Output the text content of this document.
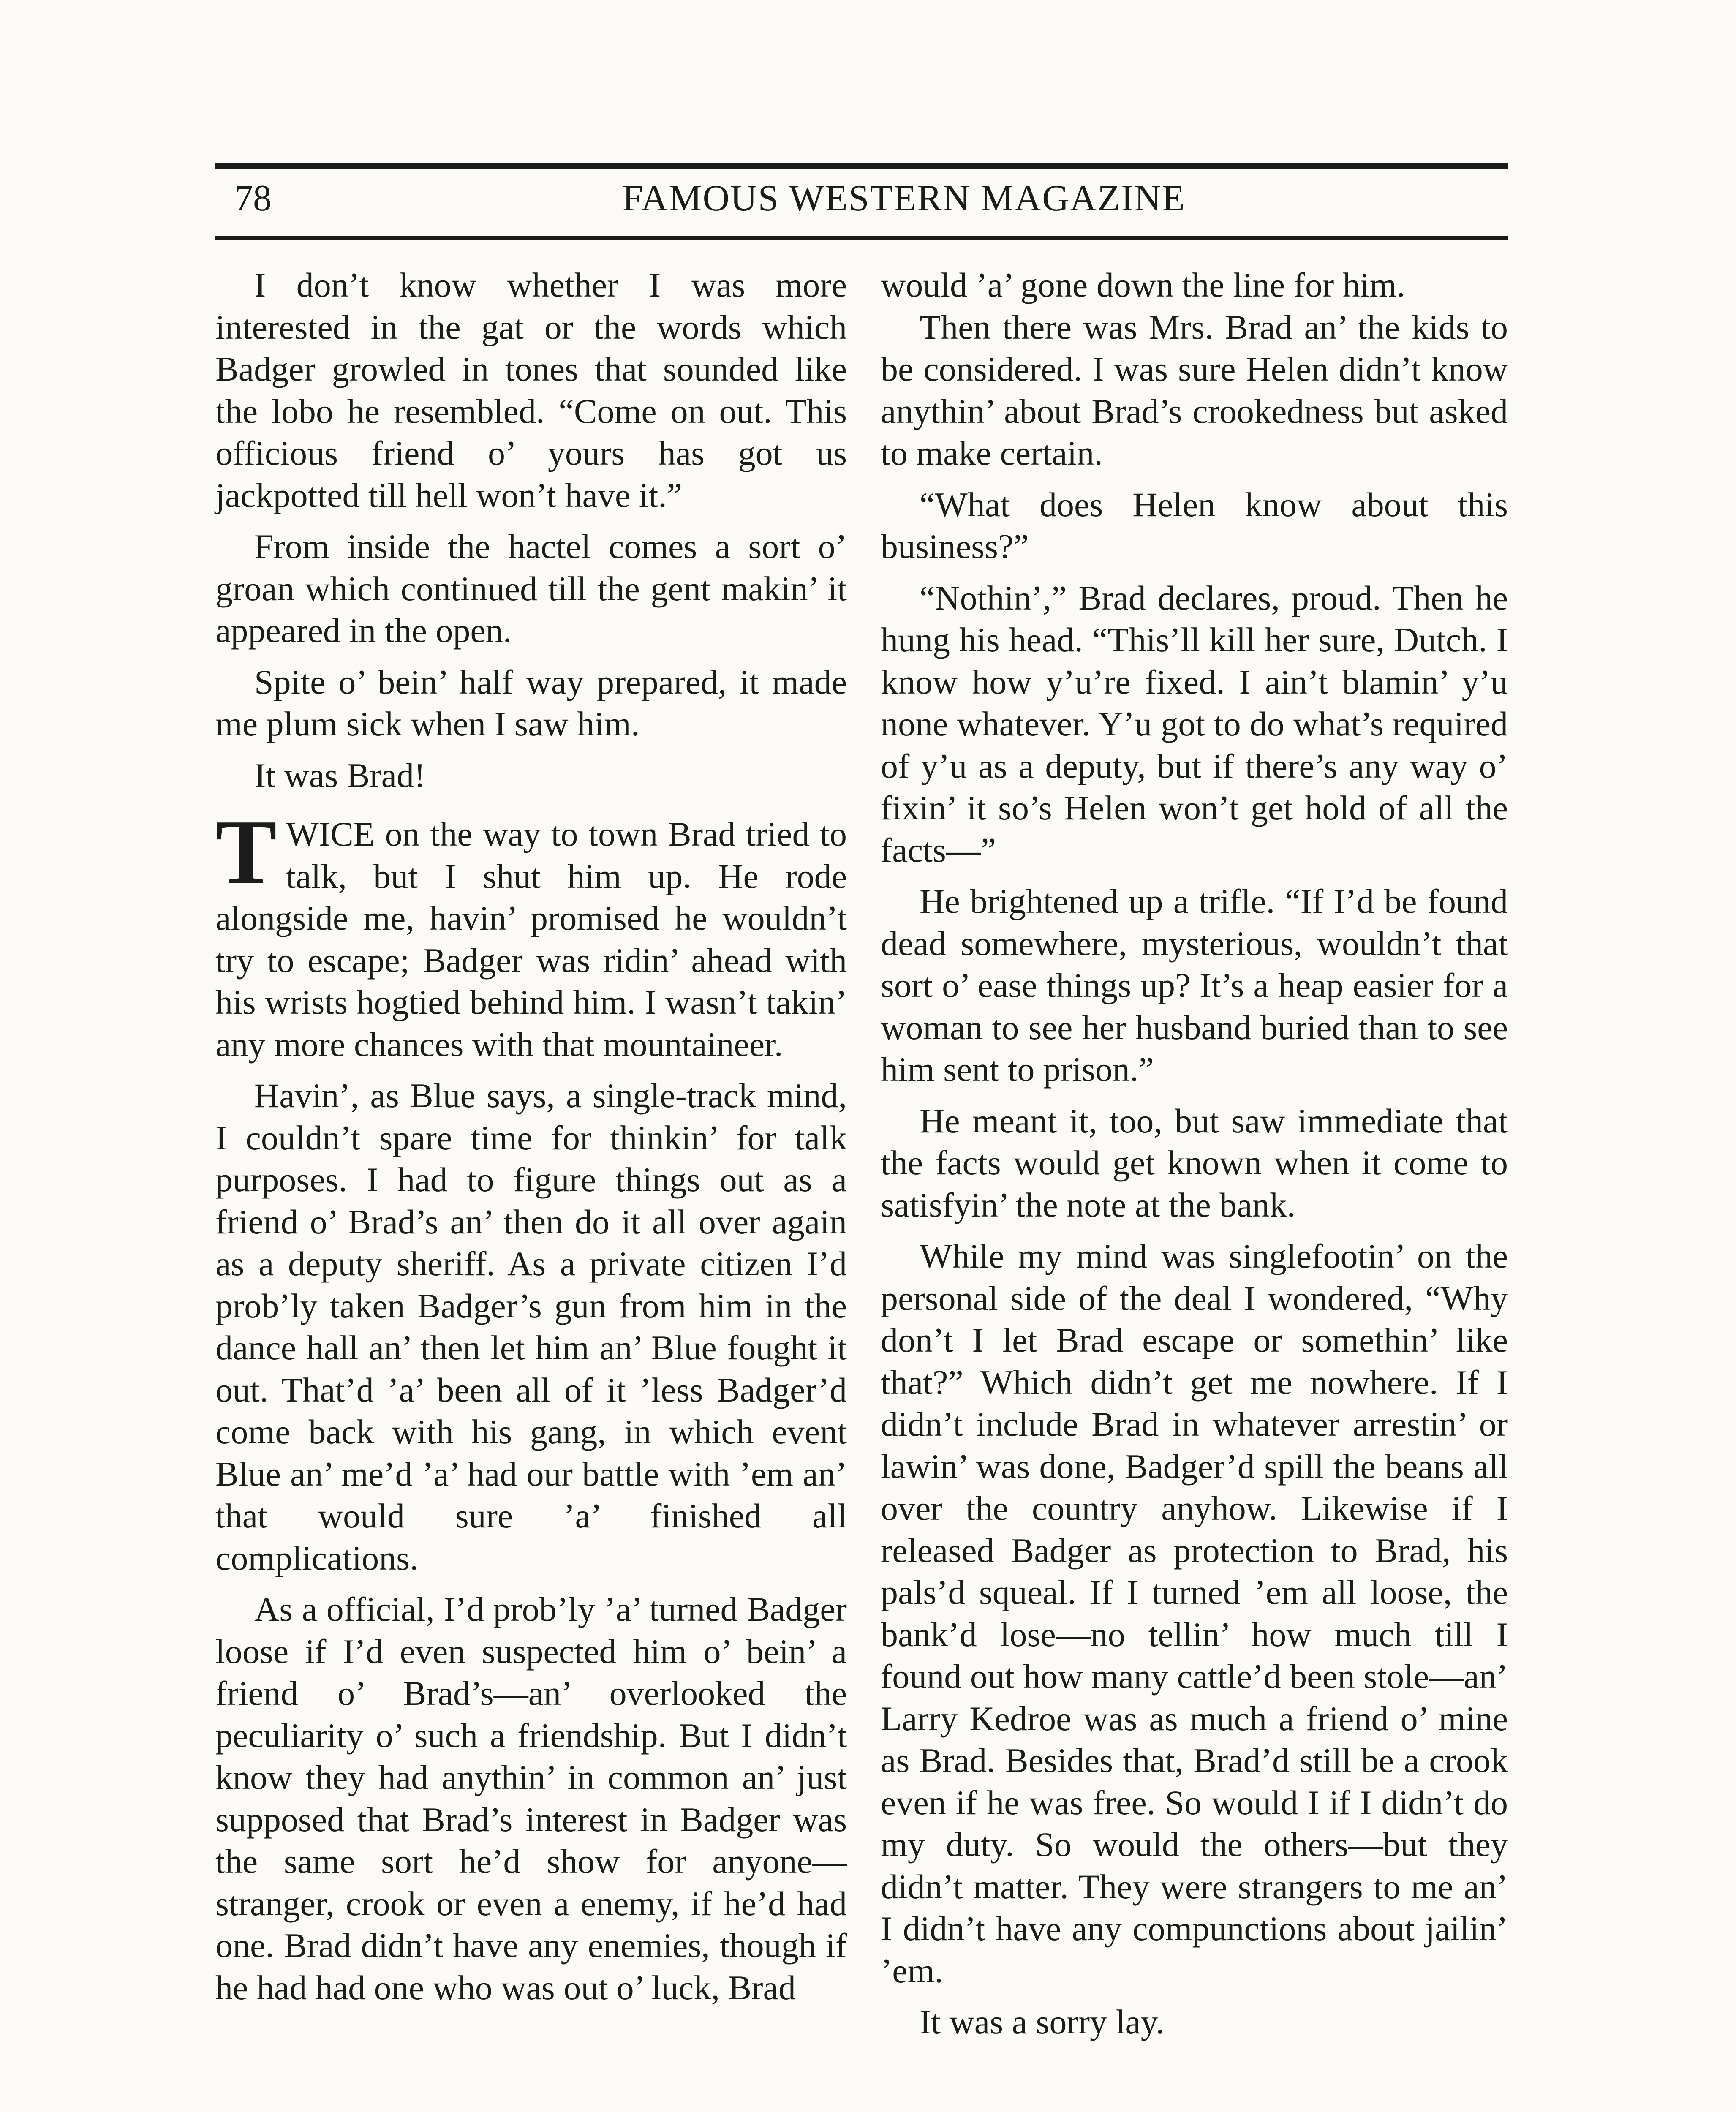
78	FAMOUS WESTERN MAGAZINE

I don’t know whether I was more interested in the gat or the words which Badger growled in tones that sounded like the lobo he resembled. “Come on out. This officious friend o’ yours has got us jackpotted till hell won’t have it.”

From inside the hactel comes a sort o’ groan which continued till the gent makin’ it appeared in the open.

Spite o’ bein’ half way prepared, it made me plum sick when I saw him.

It was Brad!

TWICE on the way to town Brad tried to talk, but I shut him up. He rode alongside me, havin’ promised he wouldn’t try to escape; Badger was ridin’ ahead with his wrists hogtied behind him. I wasn’t takin’ any more chances with that mountaineer.

Havin’, as Blue says, a single-track mind, I couldn’t spare time for thinkin’ for talk purposes. I had to figure things out as a friend o’ Brad’s an’ then do it all over again as a deputy sheriff. As a private citizen I’d prob’ly taken Badger’s gun from him in the dance hall an’ then let him an’ Blue fought it out. That’d ’a’ been all of it ’less Badger’d come back with his gang, in which event Blue an’ me’d ’a’ had our battle with ’em an’ that would sure ’a’ finished all complications.

As a official, I’d prob’ly ’a’ turned Badger loose if I’d even suspected him o’ bein’ a friend o’ Brad’s—an’ overlooked the peculiarity o’ such a friendship. But I didn’t know they had anythin’ in common an’ just supposed that Brad’s interest in Badger was the same sort he’d show for anyone—stranger, crook or even a enemy, if he’d had one. Brad didn’t have any enemies, though if he had had one who was out o’ luck, Brad

would ’a’ gone down the line for him.

Then there was Mrs. Brad an’ the kids to be considered. I was sure Helen didn’t know anythin’ about Brad’s crookedness but asked to make certain.

“What does Helen know about this business?”

“Nothin’,” Brad declares, proud. Then he hung his head. “This’ll kill her sure, Dutch. I know how y’u’re fixed. I ain’t blamin’ y’u none whatever. Y’u got to do what’s required of y’u as a deputy, but if there’s any way o’ fixin’ it so’s Helen won’t get hold of all the facts—”

He brightened up a trifle. “If I’d be found dead somewhere, mysterious, wouldn’t that sort o’ ease things up? It’s a heap easier for a woman to see her husband buried than to see him sent to prison.”

He meant it, too, but saw immediate that the facts would get known when it come to satisfyin’ the note at the bank.

While my mind was singlefootin’ on the personal side of the deal I wondered, “Why don’t I let Brad escape or somethin’ like that?” Which didn’t get me nowhere. If I didn’t include Brad in whatever arrestin’ or lawin’ was done, Badger’d spill the beans all over the country anyhow. Likewise if I released Badger as protection to Brad, his pals’d squeal. If I turned ’em all loose, the bank’d lose—no tellin’ how much till I found out how many cattle’d been stole—an’ Larry Kedroe was as much a friend o’ mine as Brad. Besides that, Brad’d still be a crook even if he was free. So would I if I didn’t do my duty. So would the others—but they didn’t matter. They were strangers to me an’ I didn’t have any compunctions about jailin’ ’em.

It was a sorry lay.
